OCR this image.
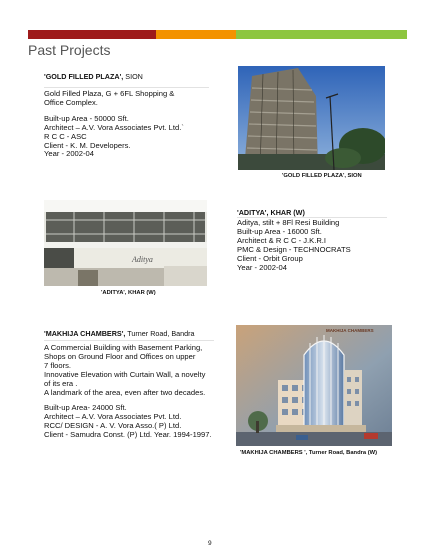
Past Projects
'GOLD FILLED PLAZA', SION
Gold Filled Plaza, G + 6FL Shopping &
Office Complex.
Built-up Area - 50000 Sft.
Architect – A.V. Vora Associates Pvt. Ltd.`
R C C - ASC
Client - K. M. Developers.
Year - 2002-04
'GOLD FILLED PLAZA', SION
Aditya
'ADITYA', KHAR (W)
'ADITYA', KHAR (W)
Aditya, stilt + 8Fl Resi Building
Built-up Area - 16000 Sft.
Architect & R C C - J.K.R.I
PMC & Design - TECHNOCRATS
Client - Orbit Group
Year - 2002-04
'MAKHIJA CHAMBERS', Turner Road, Bandra
A Commercial Building with Basement Parking,
Shops on Ground Floor and Offices on upper
7 floors.
Innovative Elevation with Curtain Wall, a novelty
of its era .
A landmark of the area, even after two decades.
Built-up Area- 24000 Sft.
Architect – A.V. Vora Associates Pvt. Ltd.
RCC/ DESIGN - A. V. Vora Asso.( P) Ltd.
Client - Samudra Const. (P) Ltd. Year. 1994-1997.
MAKHIJA CHAMBERS
'MAKHIJA CHAMBERS ', Turner Road, Bandra (W)
9
